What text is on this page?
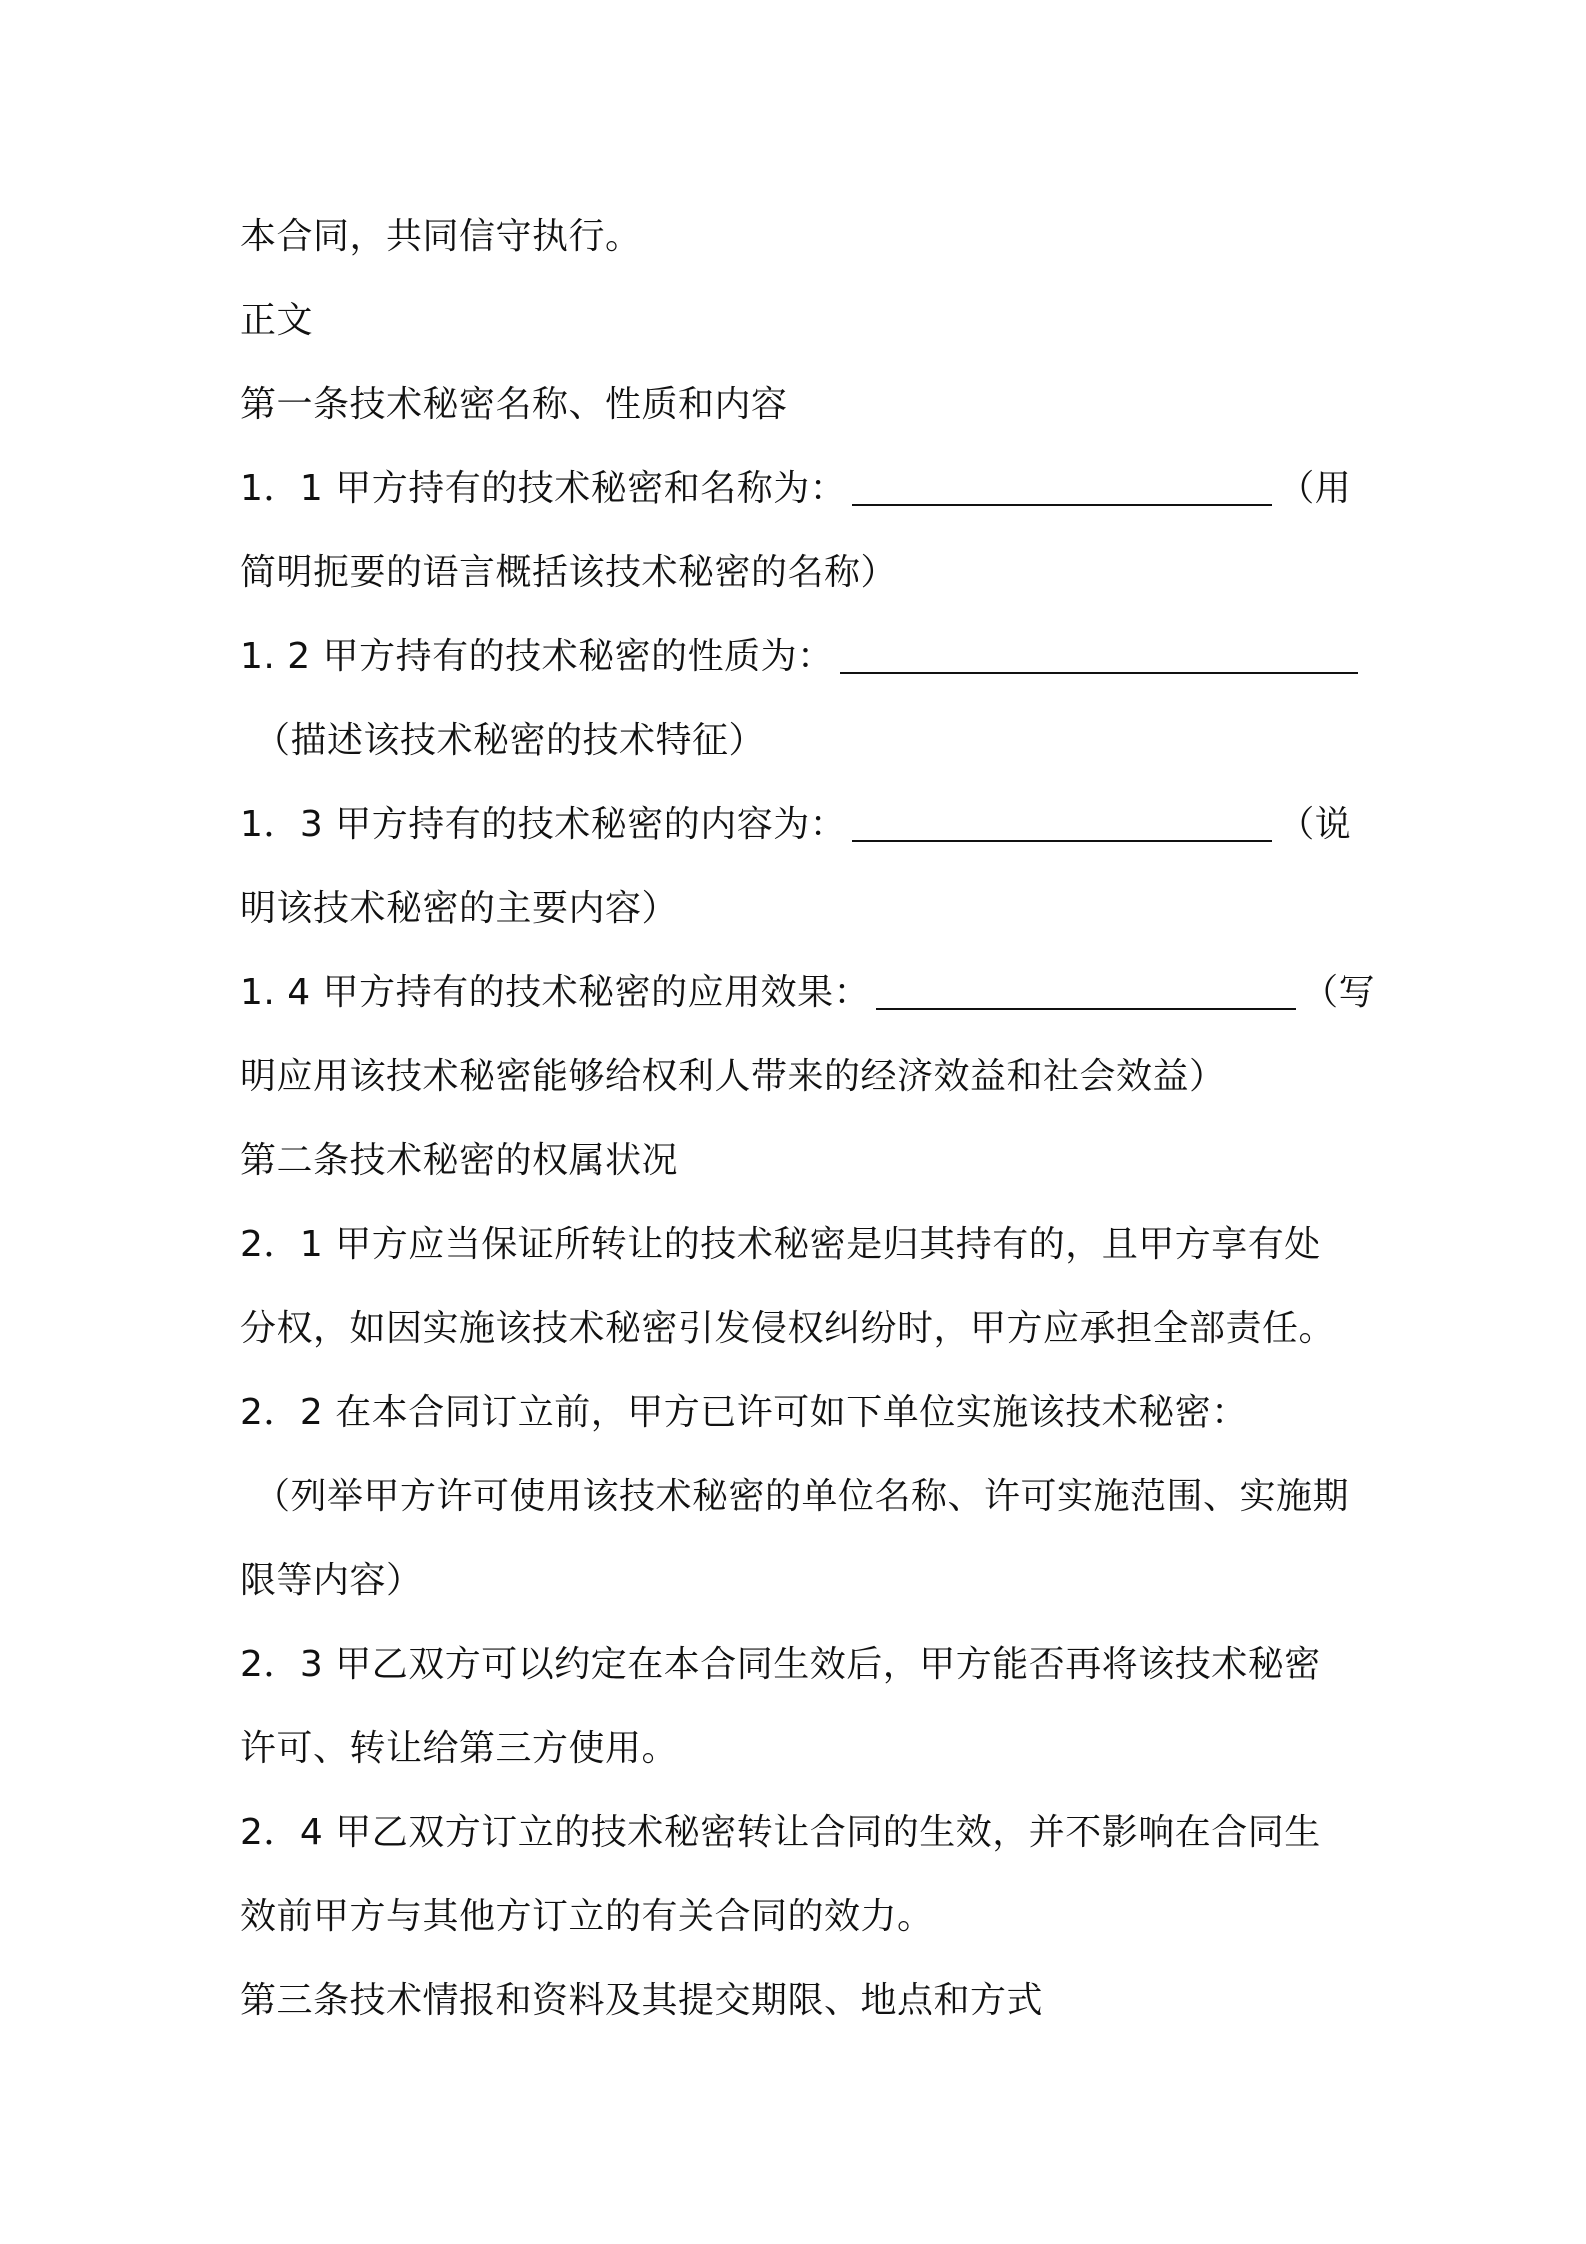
本合同，共同信守执行。
正文
第一条技术秘密名称、性质和内容
1．1 甲方持有的技术秘密和名称为：	（用
简明扼要的语言概括该技术秘密的名称）
1. 2 甲方持有的技术秘密的性质为：
（描述该技术秘密的技术特征）
1．3 甲方持有的技术秘密的内容为：	（说
明该技术秘密的主要内容）
1. 4 甲方持有的技术秘密的应用效果：	（写
明应用该技术秘密能够给权利人带来的经济效益和社会效益）
第二条技术秘密的权属状况
2．1 甲方应当保证所转让的技术秘密是归其持有的，且甲方享有处
分权，如因实施该技术秘密引发侵权纠纷时，甲方应承担全部责任。
2．2 在本合同订立前，甲方已许可如下单位实施该技术秘密：
（列举甲方许可使用该技术秘密的单位名称、许可实施范围、实施期
限等内容）
2．3 甲乙双方可以约定在本合同生效后，甲方能否再将该技术秘密
许可、转让给第三方使用。
2．4 甲乙双方订立的技术秘密转让合同的生效，并不影响在合同生
效前甲方与其他方订立的有关合同的效力。
第三条技术情报和资料及其提交期限、地点和方式
